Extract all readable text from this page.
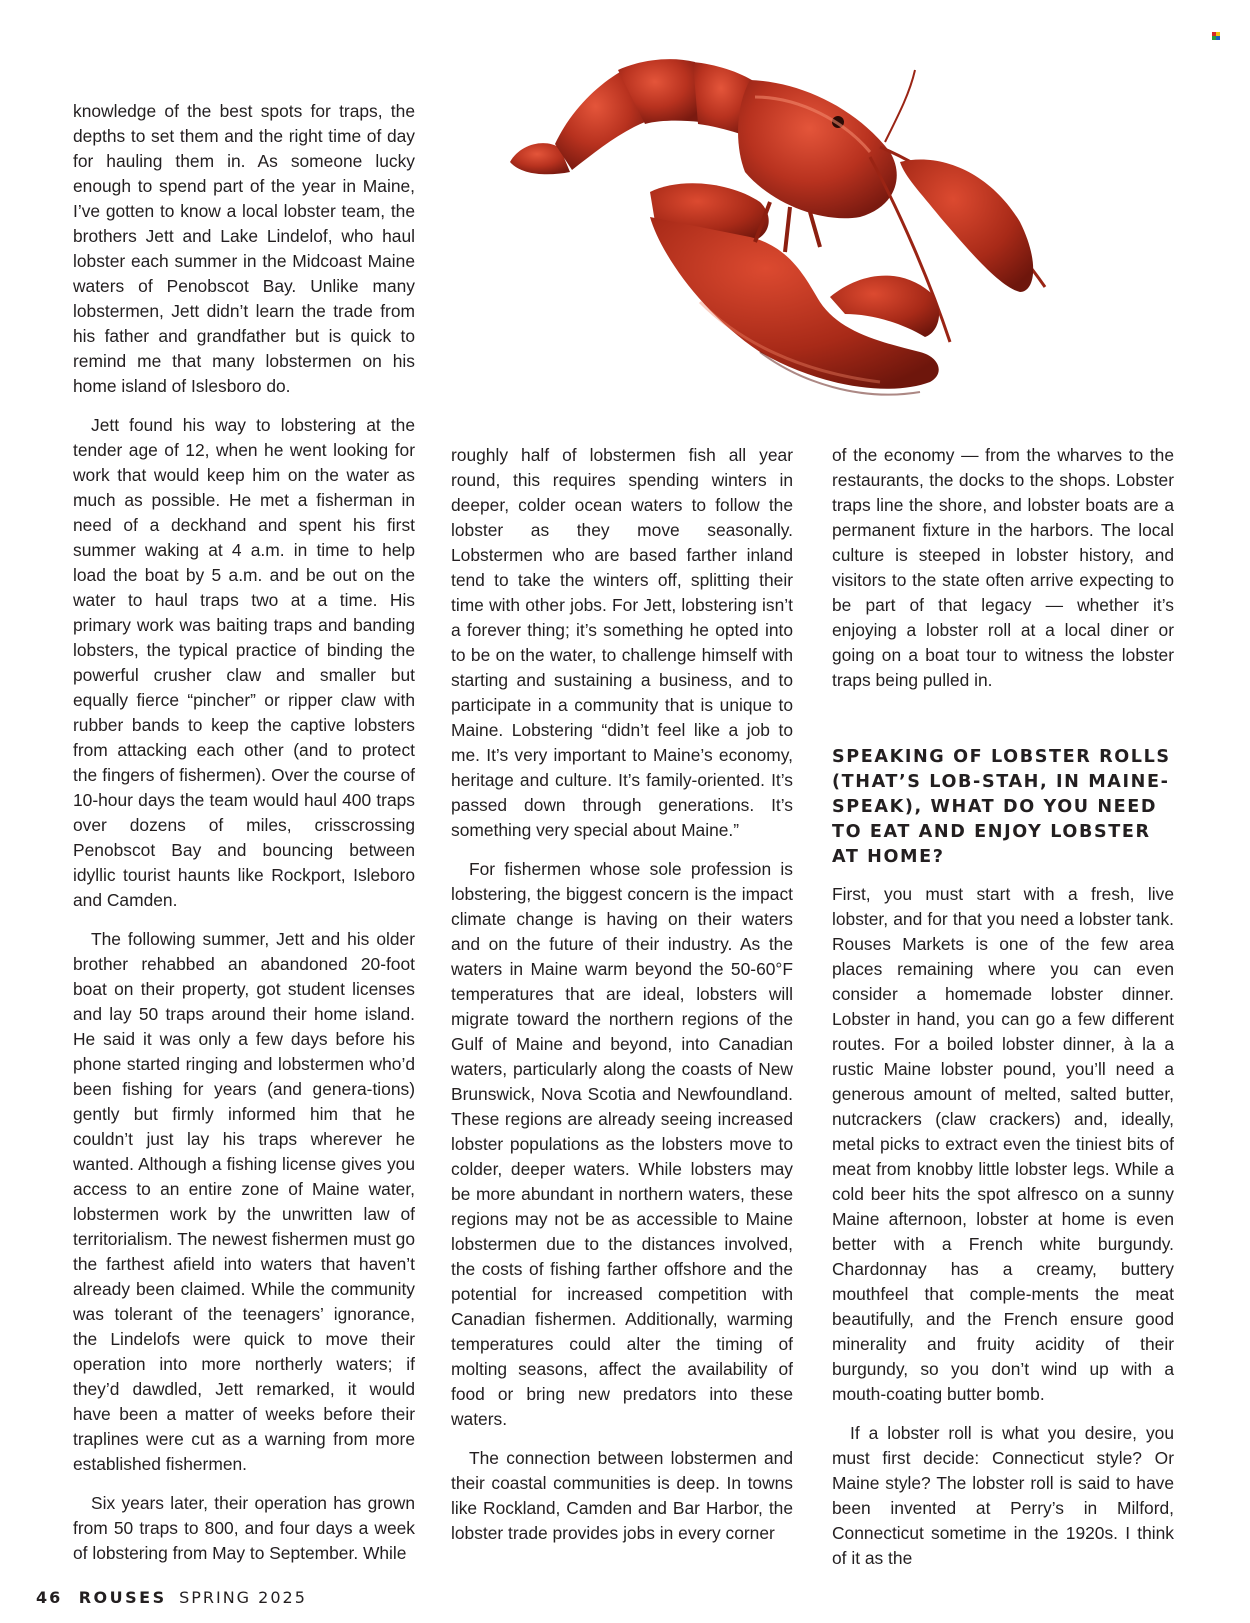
knowledge of the best spots for traps, the depths to set them and the right time of day for hauling them in. As someone lucky enough to spend part of the year in Maine, I’ve gotten to know a local lobster team, the brothers Jett and Lake Lindelof, who haul lobster each summer in the Midcoast Maine waters of Penobscot Bay. Unlike many lobstermen, Jett didn’t learn the trade from his father and grandfather but is quick to remind me that many lobstermen on his home island of Islesboro do.

Jett found his way to lobstering at the tender age of 12, when he went looking for work that would keep him on the water as much as possible. He met a fisherman in need of a deckhand and spent his first summer waking at 4 a.m. in time to help load the boat by 5 a.m. and be out on the water to haul traps two at a time. His primary work was baiting traps and banding lobsters, the typical practice of binding the powerful crusher claw and smaller but equally fierce “pincher” or ripper claw with rubber bands to keep the captive lobsters from attacking each other (and to protect the fingers of fishermen). Over the course of 10-hour days the team would haul 400 traps over dozens of miles, crisscrossing Penobscot Bay and bouncing between idyllic tourist haunts like Rockport, Isleboro and Camden.

The following summer, Jett and his older brother rehabbed an abandoned 20-foot boat on their property, got student licenses and lay 50 traps around their home island. He said it was only a few days before his phone started ringing and lobstermen who’d been fishing for years (and genera-tions) gently but firmly informed him that he couldn’t just lay his traps wherever he wanted. Although a fishing license gives you access to an entire zone of Maine water, lobstermen work by the unwritten law of territorialism. The newest fishermen must go the farthest afield into waters that haven’t already been claimed. While the community was tolerant of the teenagers’ ignorance, the Lindelofs were quick to move their operation into more northerly waters; if they’d dawdled, Jett remarked, it would have been a matter of weeks before their traplines were cut as a warning from more established fishermen.

Six years later, their operation has grown from 50 traps to 800, and four days a week of lobstering from May to September. While

roughly half of lobstermen fish all year round, this requires spending winters in deeper, colder ocean waters to follow the lobster as they move seasonally. Lobstermen who are based farther inland tend to take the winters off, splitting their time with other jobs. For Jett, lobstering isn’t a forever thing; it’s something he opted into to be on the water, to challenge himself with starting and sustaining a business, and to participate in a community that is unique to Maine. Lobstering “didn’t feel like a job to me. It’s very important to Maine’s economy, heritage and culture. It’s family-oriented. It’s passed down through generations. It’s something very special about Maine.”

For fishermen whose sole profession is lobstering, the biggest concern is the impact climate change is having on their waters and on the future of their industry. As the waters in Maine warm beyond the 50-60°F temperatures that are ideal, lobsters will migrate toward the northern regions of the Gulf of Maine and beyond, into Canadian waters, particularly along the coasts of New Brunswick, Nova Scotia and Newfoundland. These regions are already seeing increased lobster populations as the lobsters move to colder, deeper waters. While lobsters may be more abundant in northern waters, these regions may not be as accessible to Maine lobstermen due to the distances involved, the costs of fishing farther offshore and the potential for increased competition with Canadian fishermen. Additionally, warming temperatures could alter the timing of molting seasons, affect the availability of food or bring new predators into these waters.

The connection between lobstermen and their coastal communities is deep. In towns like Rockland, Camden and Bar Harbor, the lobster trade provides jobs in every corner

of the economy — from the wharves to the restaurants, the docks to the shops. Lobster traps line the shore, and lobster boats are a permanent fixture in the harbors. The local culture is steeped in lobster history, and visitors to the state often arrive expecting to be part of that legacy — whether it’s enjoying a lobster roll at a local diner or going on a boat tour to witness the lobster traps being pulled in.

SPEAKING OF LOBSTER ROLLS (THAT’S LOB-STAH, IN MAINE-SPEAK), WHAT DO YOU NEED TO EAT AND ENJOY LOBSTER AT HOME?

First, you must start with a fresh, live lobster, and for that you need a lobster tank. Rouses Markets is one of the few area places remaining where you can even consider a homemade lobster dinner. Lobster in hand, you can go a few different routes. For a boiled lobster dinner, à la a rustic Maine lobster pound, you’ll need a generous amount of melted, salted butter, nutcrackers (claw crackers) and, ideally, metal picks to extract even the tiniest bits of meat from knobby little lobster legs. While a cold beer hits the spot alfresco on a sunny Maine afternoon, lobster at home is even better with a French white burgundy. Chardonnay has a creamy, buttery mouthfeel that comple-ments the meat beautifully, and the French ensure good minerality and fruity acidity of their burgundy, so you don’t wind up with a mouth-coating butter bomb.

If a lobster roll is what you desire, you must first decide: Connecticut style? Or Maine style? The lobster roll is said to have been invented at Perry’s in Milford, Connecticut sometime in the 1920s. I think of it as the

46 ROUSES SPRING 2025
